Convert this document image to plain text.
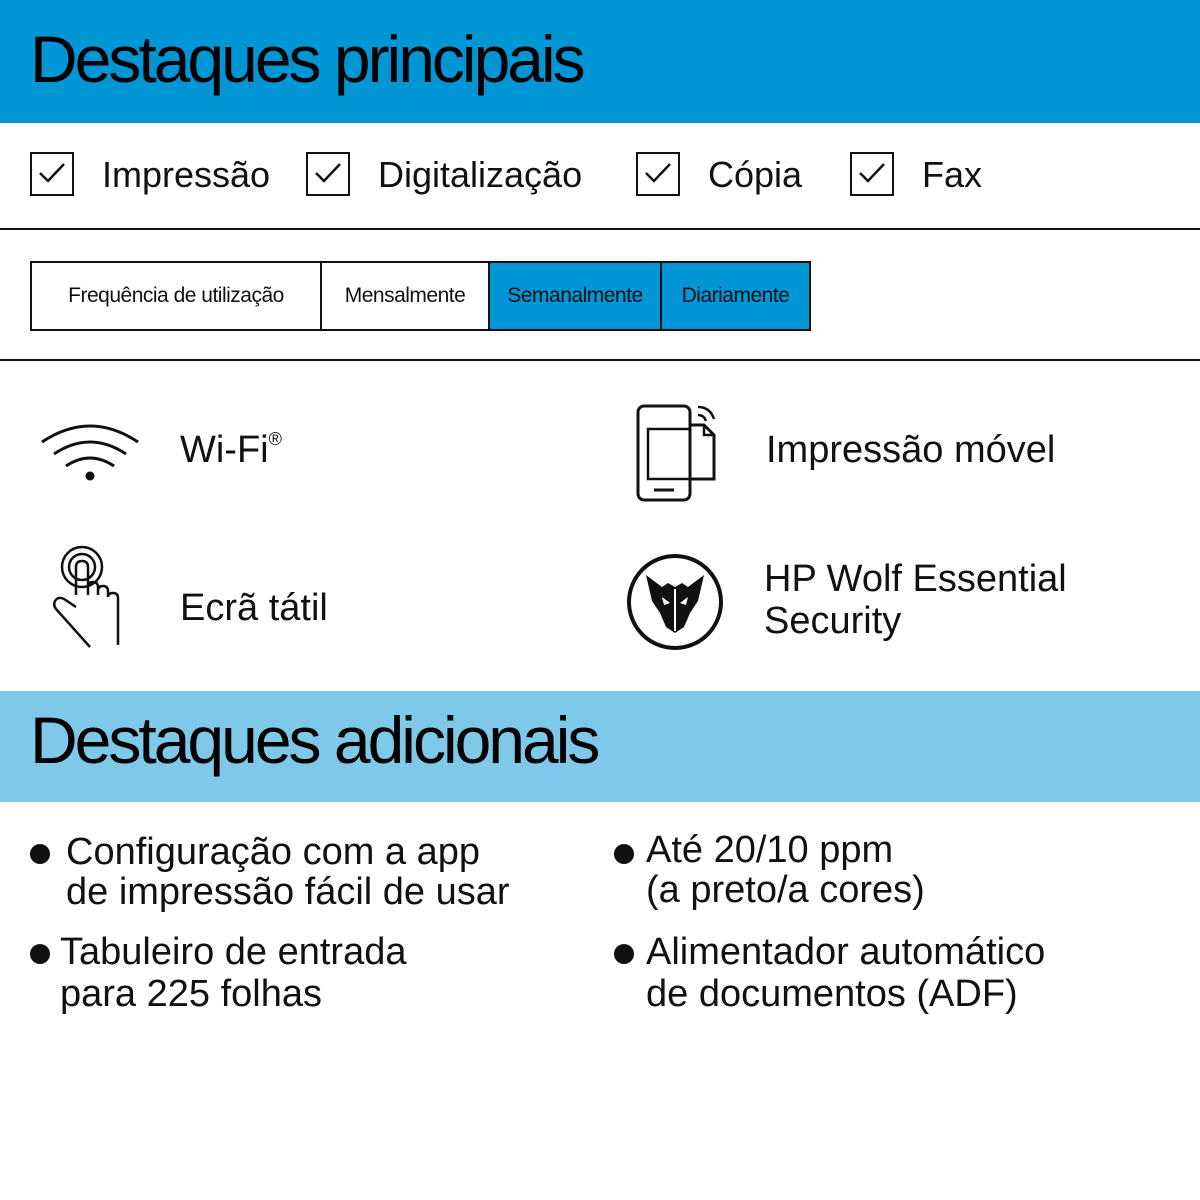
Destaques principais
Impressão	Digitalização	Cópia	Fax
Frequência de utilização	Mensalmente	Semanalmente	Diariamente
Wi-Fi®	Impressão móvel
Ecrã tátil
HP Wolf Essential
Security
Destaques adicionais
Configuração com a app
de impressão fácil de usar
Até 20/10 ppm
(a preto/a cores)
Tabuleiro de entrada
para 225 folhas
Alimentador automático
de documentos (ADF)
